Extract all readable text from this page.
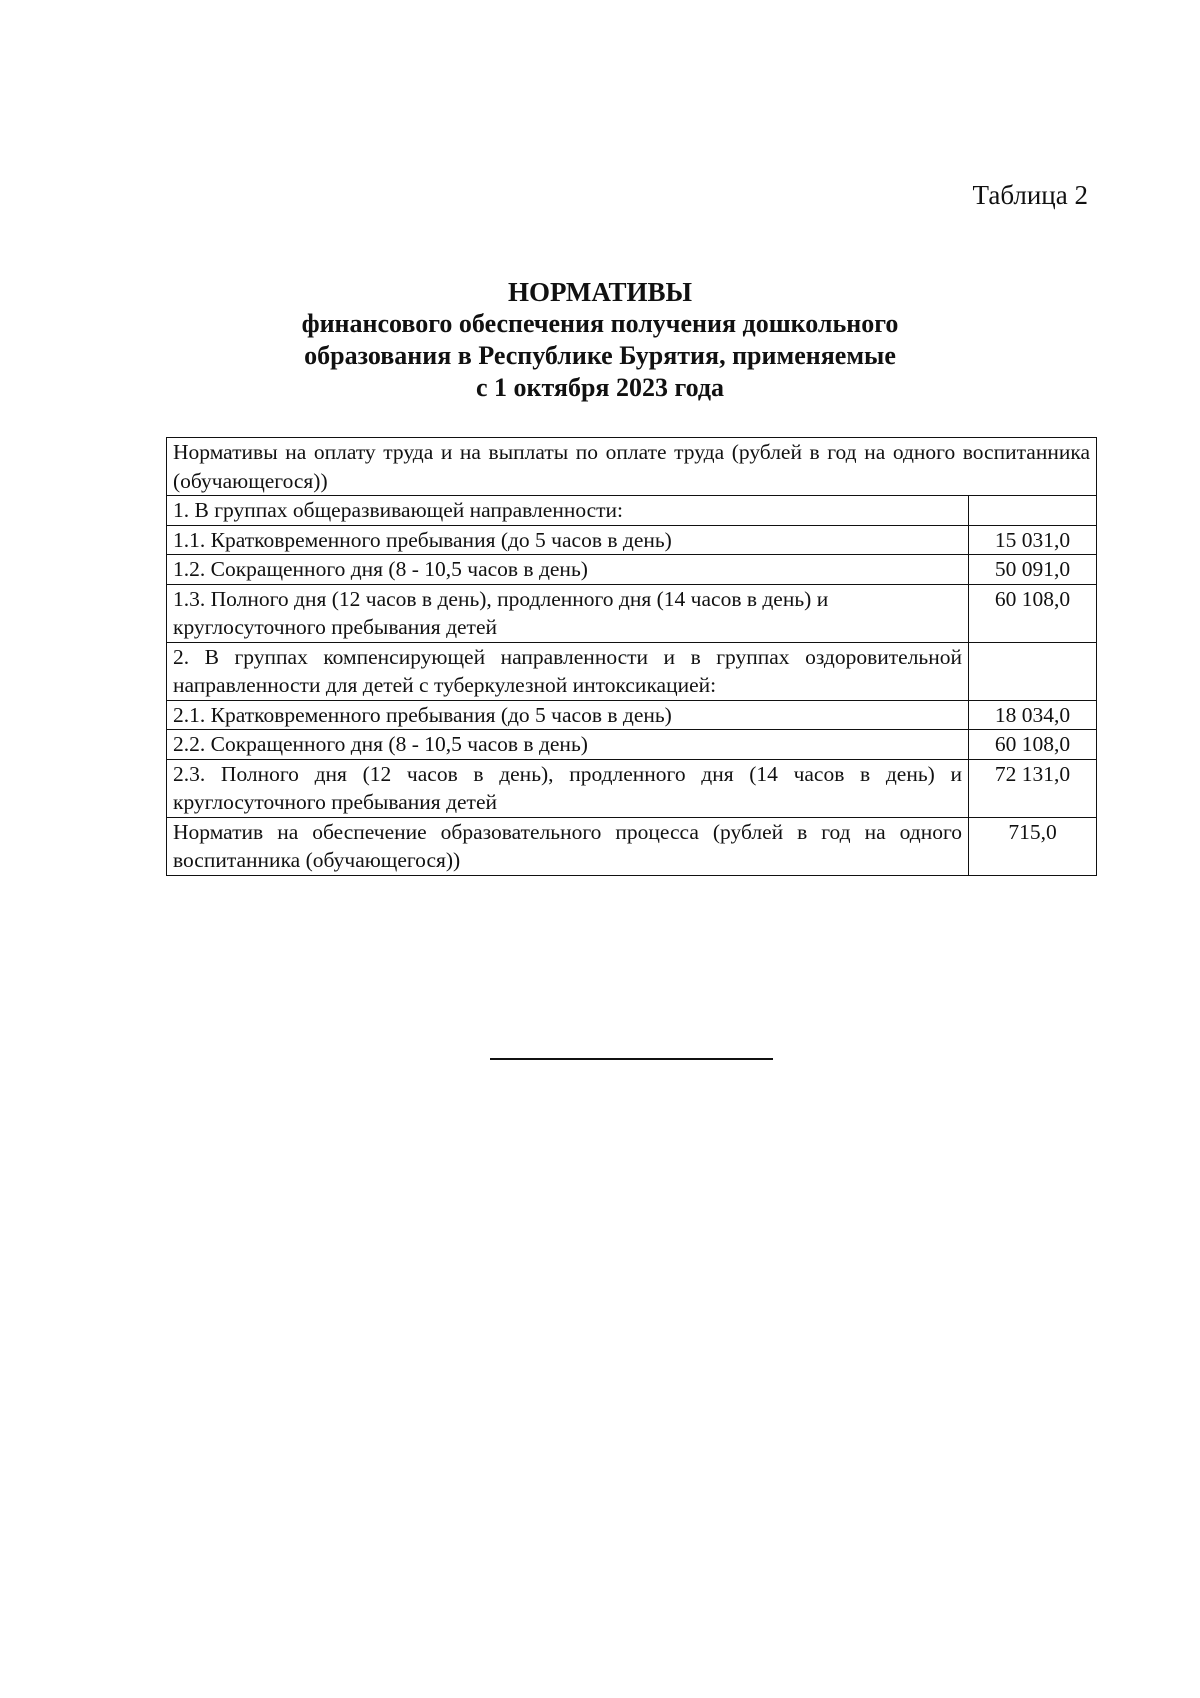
Таблица 2
НОРМАТИВЫ
финансового обеспечения получения дошкольного
образования в Республике Бурятия, применяемые
с 1 октября 2023 года
Нормативы на оплату труда и на выплаты по оплате труда (рублей в год на одного воспитанника (обучающегося))	
1. В группах общеразвивающей направленности:	
1.1. Кратковременного пребывания (до 5 часов в день)	15 031,0
1.2. Сокращенного дня (8 - 10,5 часов в день)	50 091,0
1.3. Полного дня (12 часов в день), продленного дня (14 часов в день) и круглосуточного пребывания детей	60 108,0
2. В группах компенсирующей направленности и в группах оздоровительной направленности для детей с туберкулезной интоксикацией:	
2.1. Кратковременного пребывания (до 5 часов в день)	18 034,0
2.2. Сокращенного дня (8 - 10,5 часов в день)	60 108,0
2.3. Полного дня (12 часов в день), продленного дня (14 часов в день) и круглосуточного пребывания детей	72 131,0
Норматив на обеспечение образовательного процесса (рублей в год на одного воспитанника (обучающегося))	715,0
